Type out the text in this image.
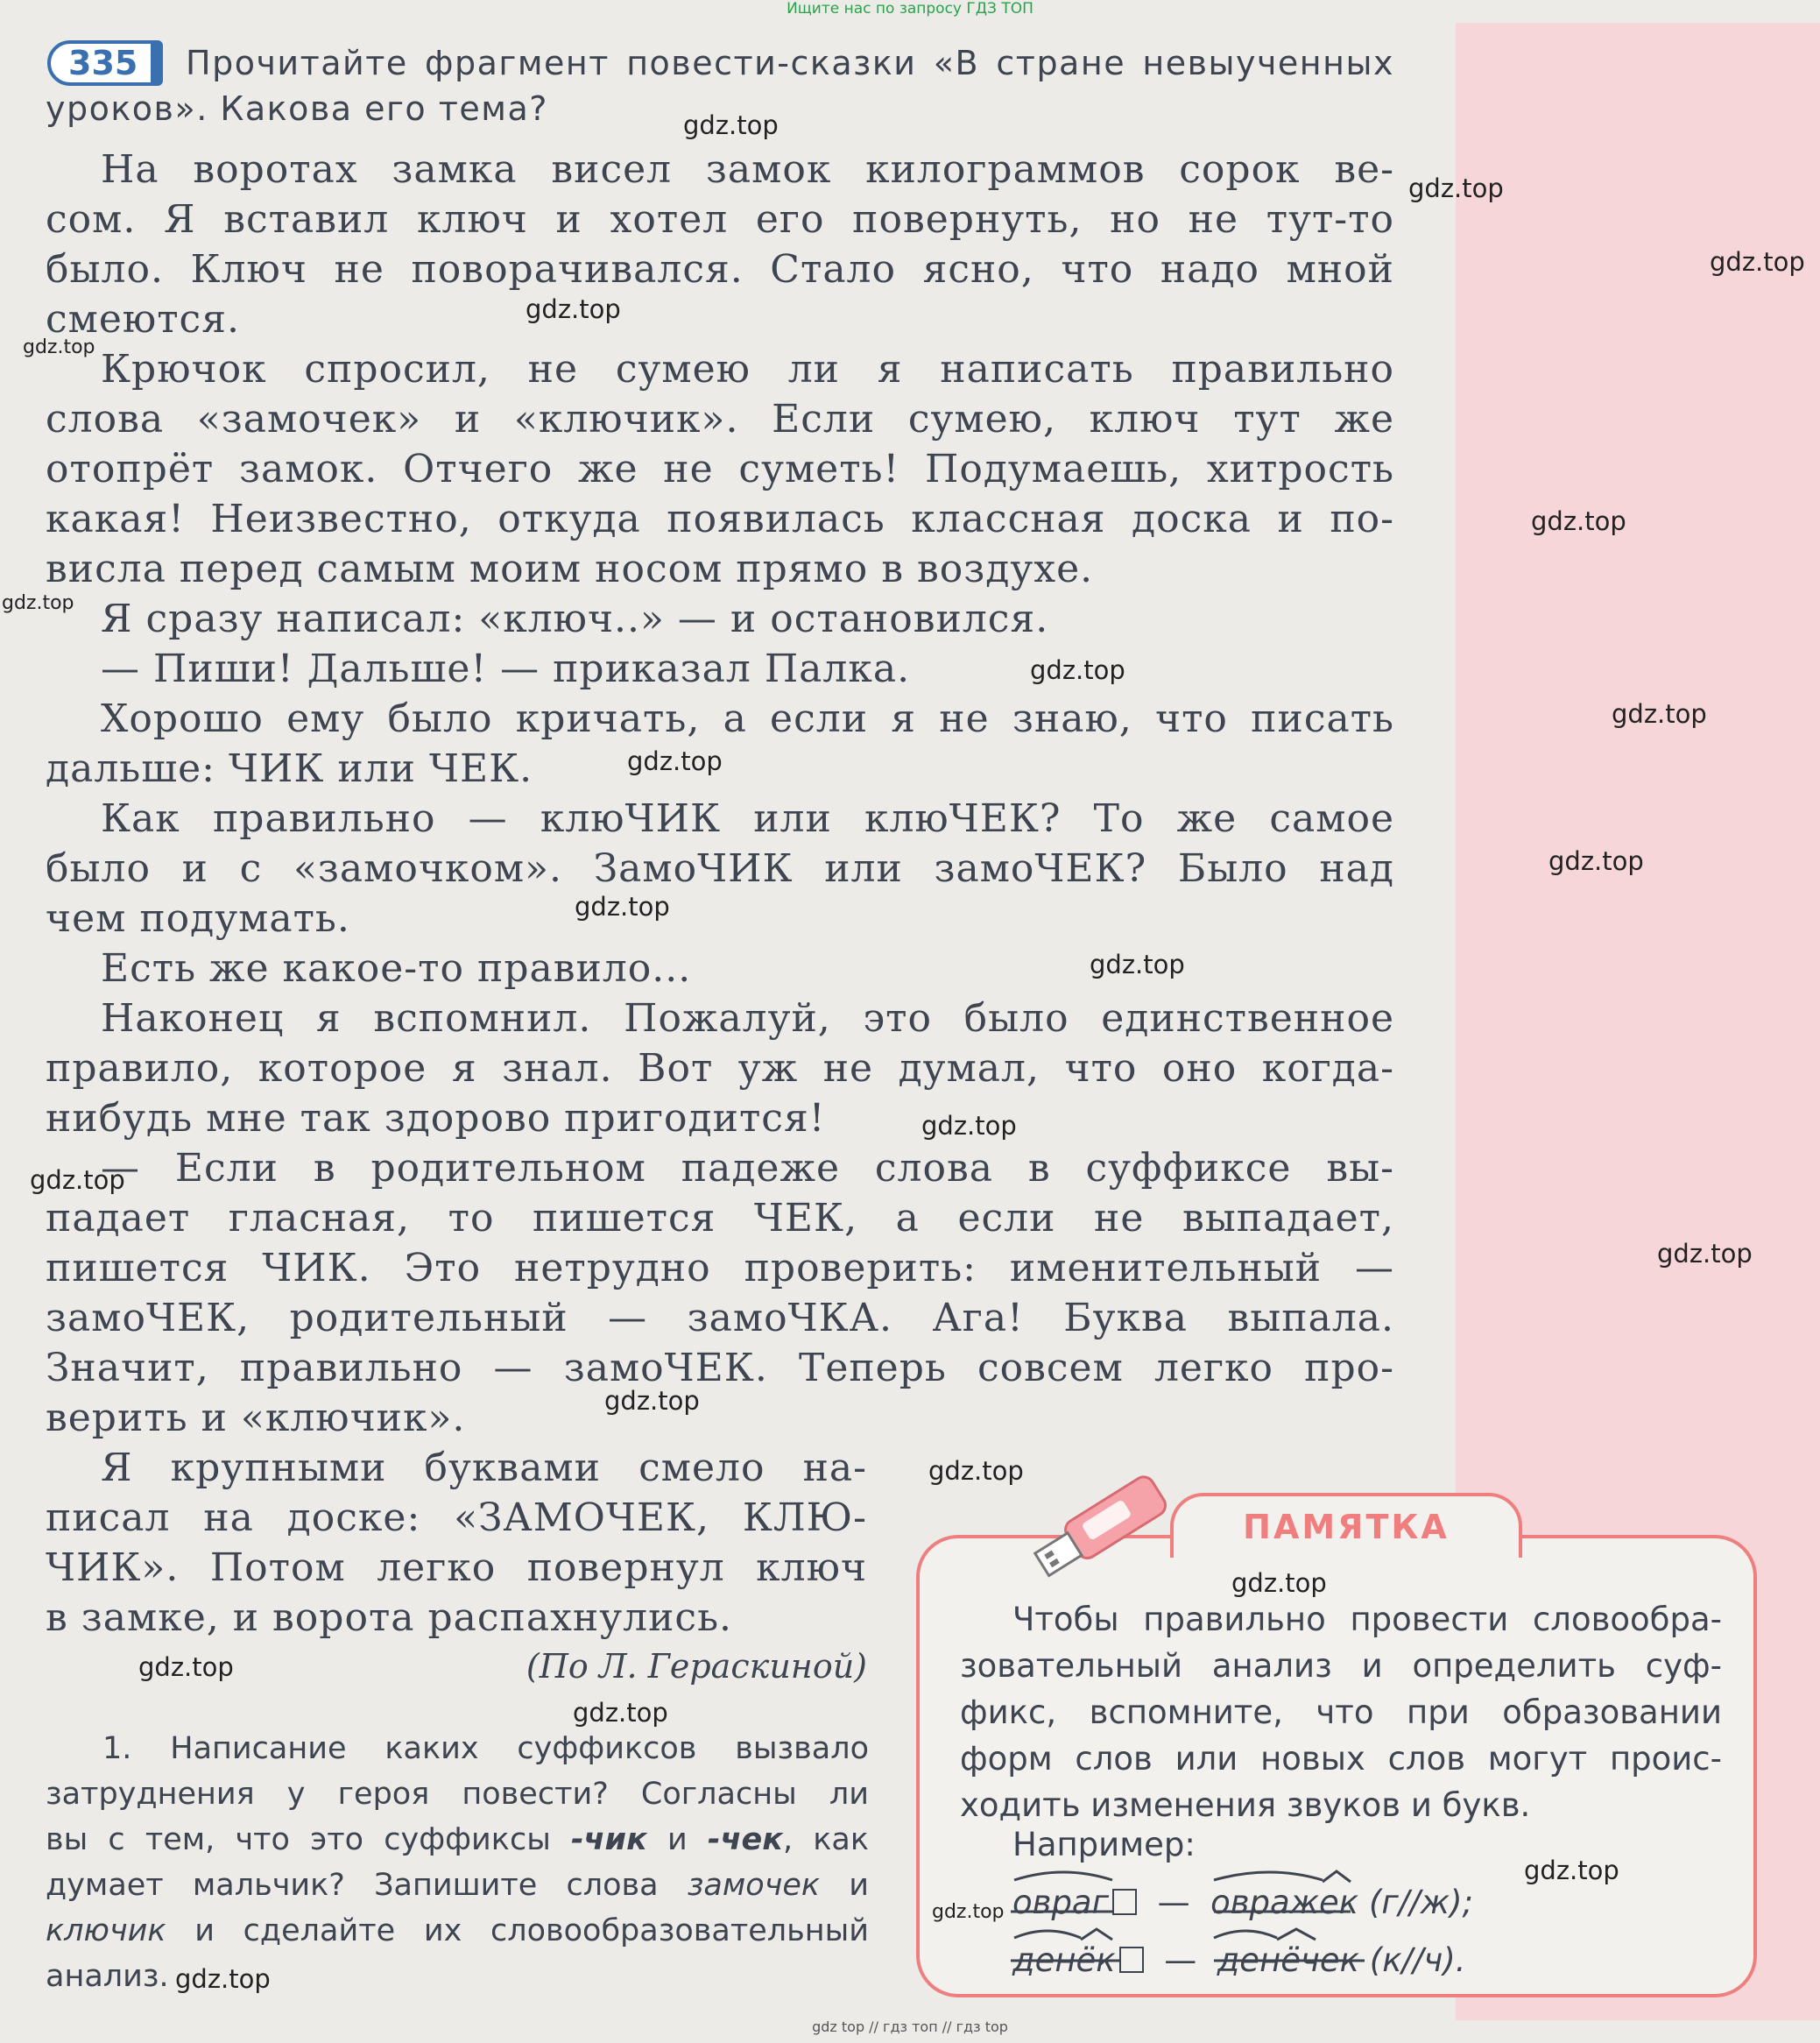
Ищите нас по запросу ГДЗ ТОП
335	Прочитайте фрагмент повести-сказки «В стране невыученных
уроков». Какова его тема?
На воротах замка висел замок килограммов сорок ве-
сом. Я вставил ключ и хотел его повернуть, но не тут-то
было. Ключ не поворачивался. Стало ясно, что надо мной
смеются.
Крючок спросил, не сумею ли я написать правильно
слова «замочек» и «ключик». Если сумею, ключ тут же
отопрёт замок. Отчего же не суметь! Подумаешь, хитрость
какая! Неизвестно, откуда появилась классная доска и по-
висла перед самым моим носом прямо в воздухе.
Я сразу написал: «ключ..» — и остановился.
— Пиши! Дальше! — приказал Палка.
Хорошо ему было кричать, а если я не знаю, что писать
дальше: ЧИК или ЧЕК.
Как правильно — клюЧИК или клюЧЕК? То же самое
было и с «замочком». ЗамоЧИК или замоЧЕК? Было над
чем подумать.
Есть же какое-то правило...
Наконец я вспомнил. Пожалуй, это было единственное
правило, которое я знал. Вот уж не думал, что оно когда-
нибудь мне так здорово пригодится!
— Если в родительном падеже слова в суффиксе вы-
падает гласная, то пишется ЧЕК, а если не выпадает,
пишется ЧИК. Это нетрудно проверить: именительный —
замоЧЕК, родительный — замоЧКА. Ага! Буква выпала.
Значит, правильно — замоЧЕК. Теперь совсем легко про-
верить и «ключик».
Я крупными буквами смело на-
писал на доске: «ЗАМОЧЕК, КЛЮ-
ЧИК». Потом легко повернул ключ
в замке, и ворота распахнулись.
(По Л. Гераскиной)
1. Написание каких суффиксов вызвало
затруднения у героя повести? Согласны ли
вы с тем, что это суффиксы -чик и -чек, как
думает мальчик? Запишите слова замочек и
ключик и сделайте их словообразовательный
анализ.
ПАМЯТКА
Чтобы правильно провести словообра-
зовательный анализ и определить суф-
фикс, вспомните, что при образовании
форм слов или новых слов могут проис-
ходить изменения звуков и букв.
Например:
овраг — овражек (г//ж);
денёк — денёчек (к//ч).
gdz.top
gdz.top
gdz.top
gdz.top
gdz.top
gdz.top
gdz.top
gdz.top
gdz.top
gdz.top
gdz.top
gdz.top
gdz.top
gdz.top
gdz.top
gdz.top
gdz.top
gdz.top
gdz.top
gdz.top
gdz.top
gdz.top
gdz.top
gdz.top
gdz top // гдз топ // гдз top
